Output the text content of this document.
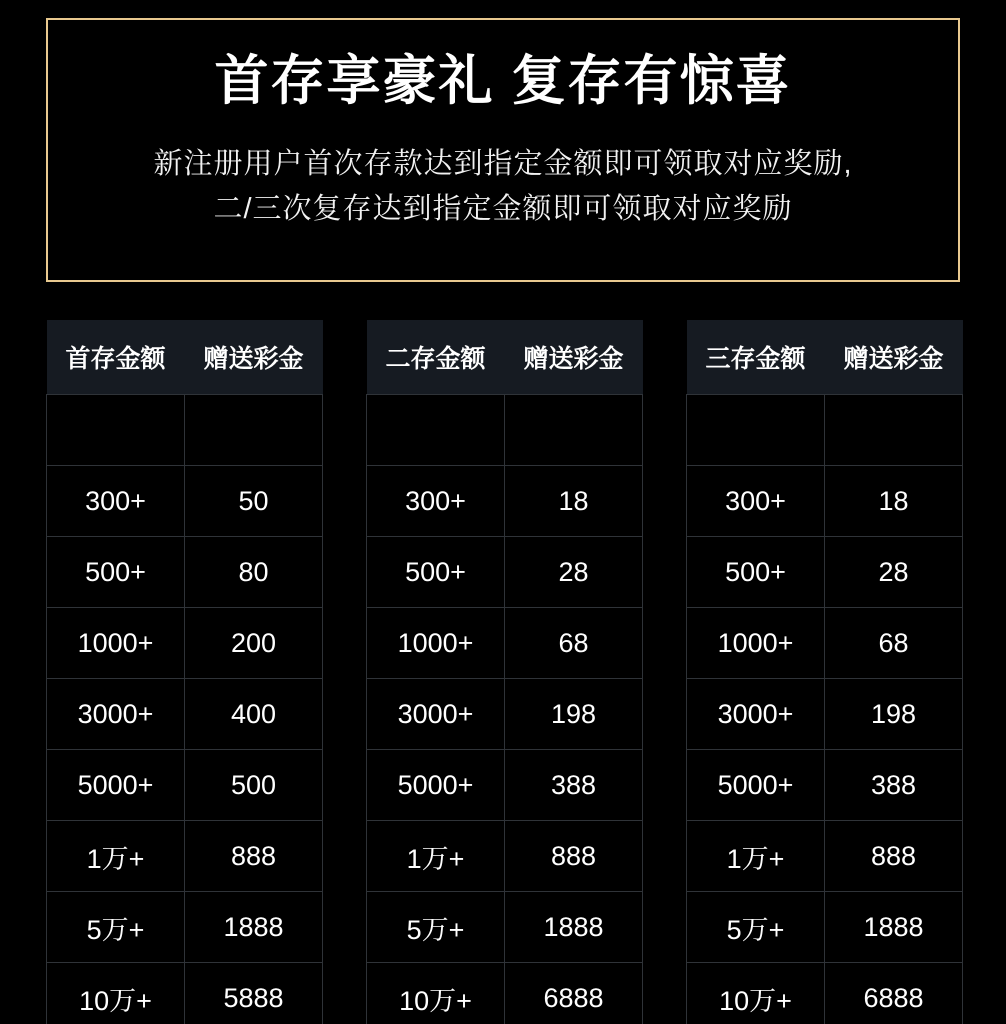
首存享豪礼 复存有惊喜
新注册用户首次存款达到指定金额即可领取对应奖励,
二/三次复存达到指定金额即可领取对应奖励
首存金额	赠送彩金		二存金额	赠送彩金		三存金额	赠送彩金

300+	50		300+	18		300+	18
500+	80		500+	28		500+	28
1000+	200		1000+	68		1000+	68
3000+	400		3000+	198		3000+	198
5000+	500		5000+	388		5000+	388
1万+	888		1万+	888		1万+	888
5万+	1888		5万+	1888		5万+	1888
10万+	5888		10万+	6888		10万+	6888
